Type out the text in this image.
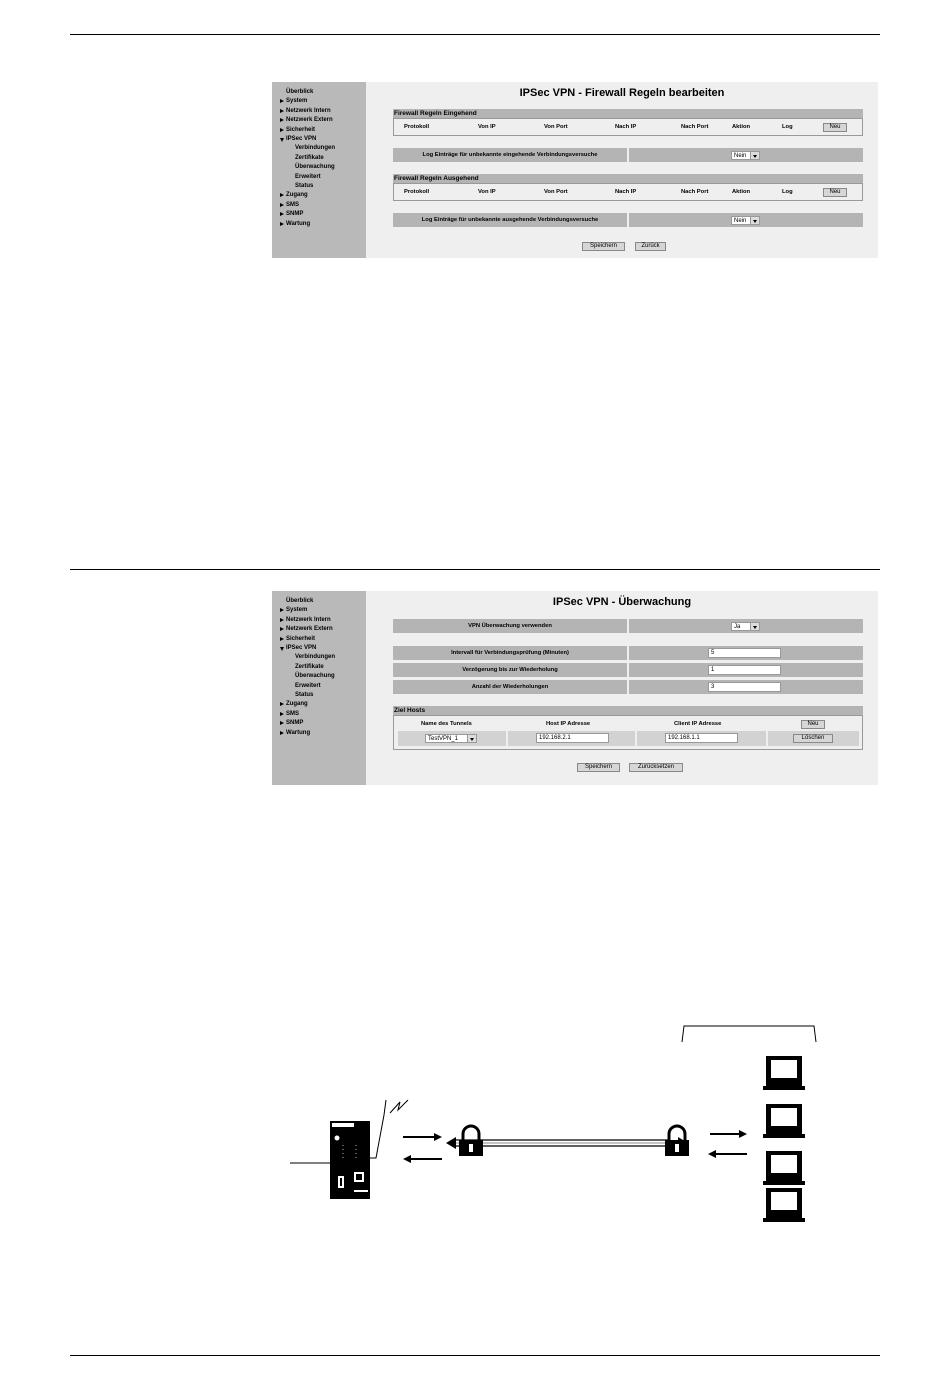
Überblick
System
Netzwerk Intern
Netzwerk Extern
Sicherheit
IPSec VPN
Verbindungen
Zertifikate
Überwachung
Erweitert
Status
Zugang
SMS
SNMP
Wartung
IPSec VPN - Firewall Regeln bearbeiten
Firewall Regeln Eingehend
Protokoll	Von IP	Von Port	Nach IP	Nach Port	Aktion	Log	Neu
Log Einträge für unbekannte eingehende Verbindungsversuche	Nein
Firewall Regeln Ausgehend
Protokoll	Von IP	Von Port	Nach IP	Nach Port	Aktion	Log	Neu
Log Einträge für unbekannte ausgehende Verbindungsversuche	Nein
Speichern	Zurück
Überblick
System
Netzwerk Intern
Netzwerk Extern
Sicherheit
IPSec VPN
Verbindungen
Zertifikate
Überwachung
Erweitert
Status
Zugang
SMS
SNMP
Wartung
IPSec VPN - Überwachung
VPN Überwachung verwenden	Ja
Intervall für Verbindungsprüfung (Minuten)	5
Verzögerung bis zur Wiederholung	1
Anzahl der Wiederholungen	3
Ziel Hosts
Name des Tunnels	Host IP Adresse	Client IP Adresse	Neu
TestVPN_1	192.168.2.1	192.168.1.1	Löschen
Speichern	Zurücksetzen
